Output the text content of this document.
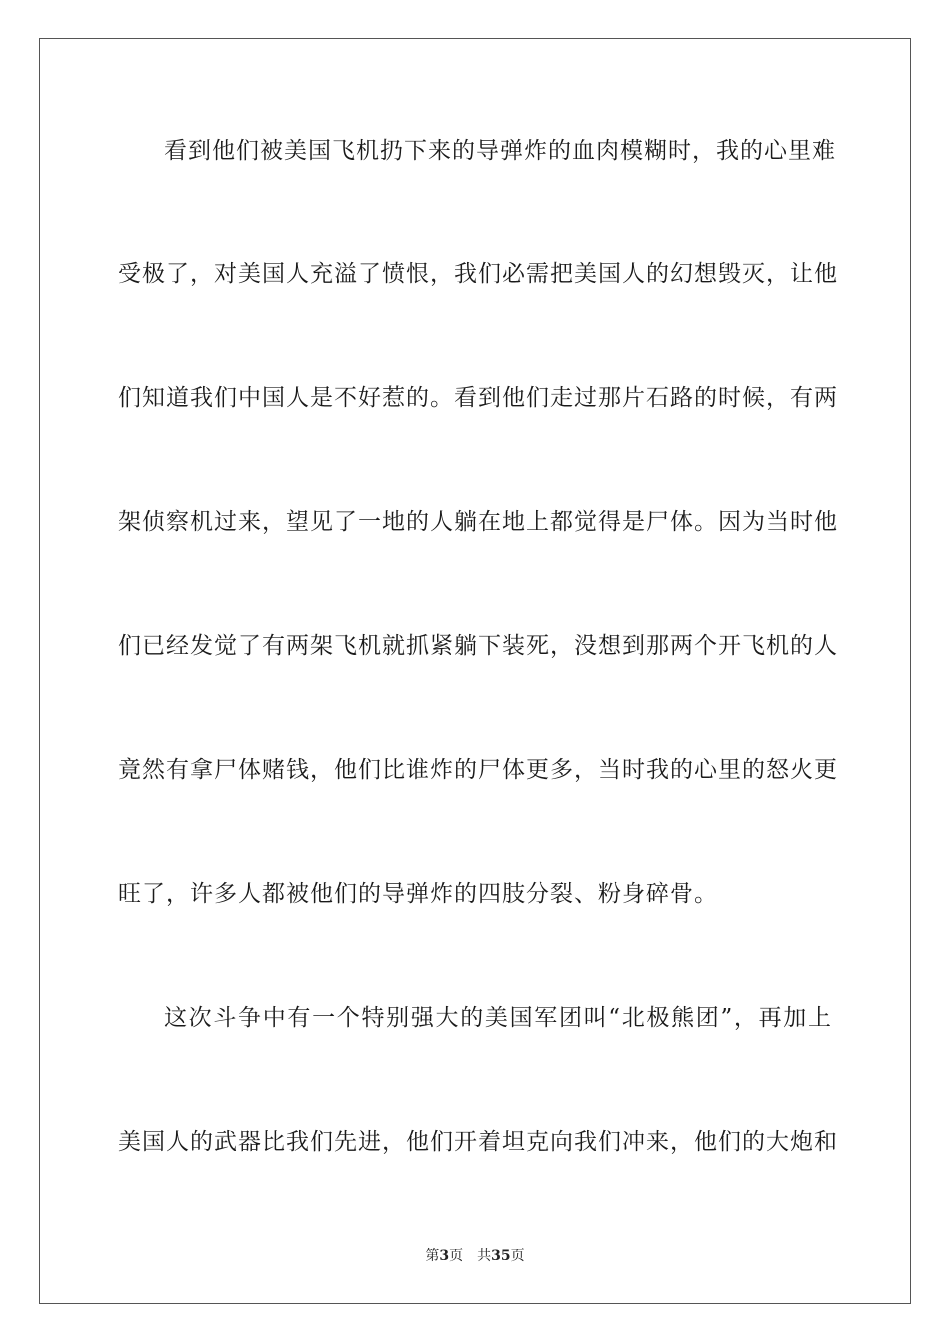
看到他们被美国飞机扔下来的导弹炸的血肉模糊时，我的心里难
受极了，对美国人充溢了愤恨，我们必需把美国人的幻想毁灭，让他
们知道我们中国人是不好惹的。看到他们走过那片石路的时候，有两
架侦察机过来，望见了一地的人躺在地上都觉得是尸体。因为当时他
们已经发觉了有两架飞机就抓紧躺下装死，没想到那两个开飞机的人
竟然有拿尸体赌钱，他们比谁炸的尸体更多，当时我的心里的怒火更
旺了，许多人都被他们的导弹炸的四肢分裂、粉身碎骨。
这次斗争中有一个特别强大的美国军团叫“北极熊团”，再加上
美国人的武器比我们先进，他们开着坦克向我们冲来，他们的大炮和
第3页 共35页
